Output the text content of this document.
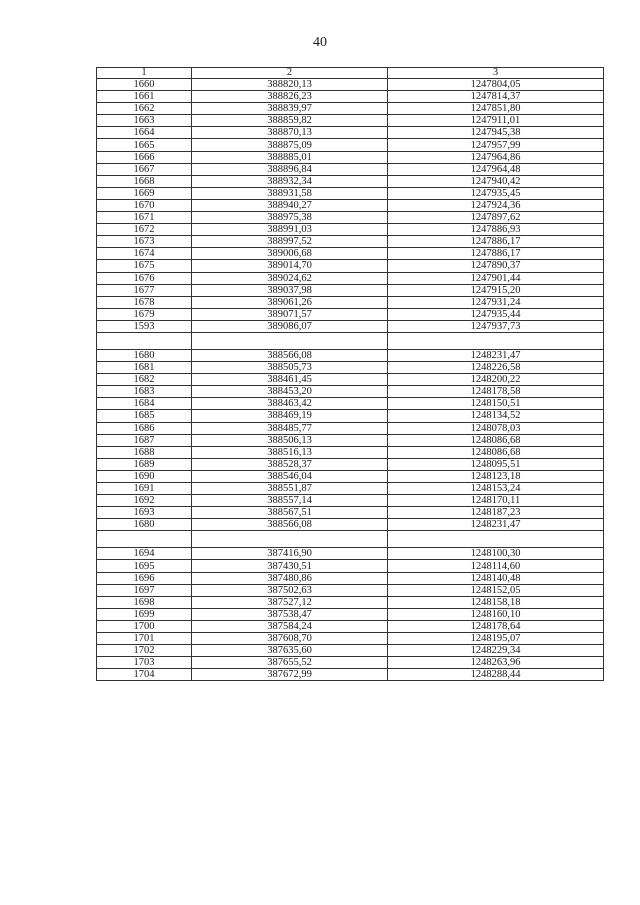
40
1	2	3
1660	388820,13	1247804,05
1661	388826,23	1247814,37
1662	388839,97	1247851,80
1663	388859,82	1247911,01
1664	388870,13	1247945,38
1665	388875,09	1247957,99
1666	388885,01	1247964,86
1667	388896,84	1247964,48
1668	388932,34	1247940,42
1669	388931,58	1247935,45
1670	388940,27	1247924,36
1671	388975,38	1247897,62
1672	388991,03	1247886,93
1673	388997,52	1247886,17
1674	389006,68	1247886,17
1675	389014,70	1247890,37
1676	389024,62	1247901,44
1677	389037,98	1247915,20
1678	389061,26	1247931,24
1679	389071,57	1247935,44
1593	389086,07	1247937,73

1680	388566,08	1248231,47
1681	388505,73	1248226,58
1682	388461,45	1248200,22
1683	388453,20	1248178,58
1684	388463,42	1248150,51
1685	388469,19	1248134,52
1686	388485,77	1248078,03
1687	388506,13	1248086,68
1688	388516,13	1248086,68
1689	388528,37	1248095,51
1690	388546,04	1248123,18
1691	388551,87	1248153,24
1692	388557,14	1248170,11
1693	388567,51	1248187,23
1680	388566,08	1248231,47

1694	387416,90	1248100,30
1695	387430,51	1248114,60
1696	387480,86	1248140,48
1697	387502,63	1248152,05
1698	387527,12	1248158,18
1699	387538,47	1248160,10
1700	387584,24	1248178,64
1701	387608,70	1248195,07
1702	387635,60	1248229,34
1703	387655,52	1248263,96
1704	387672,99	1248288,44
